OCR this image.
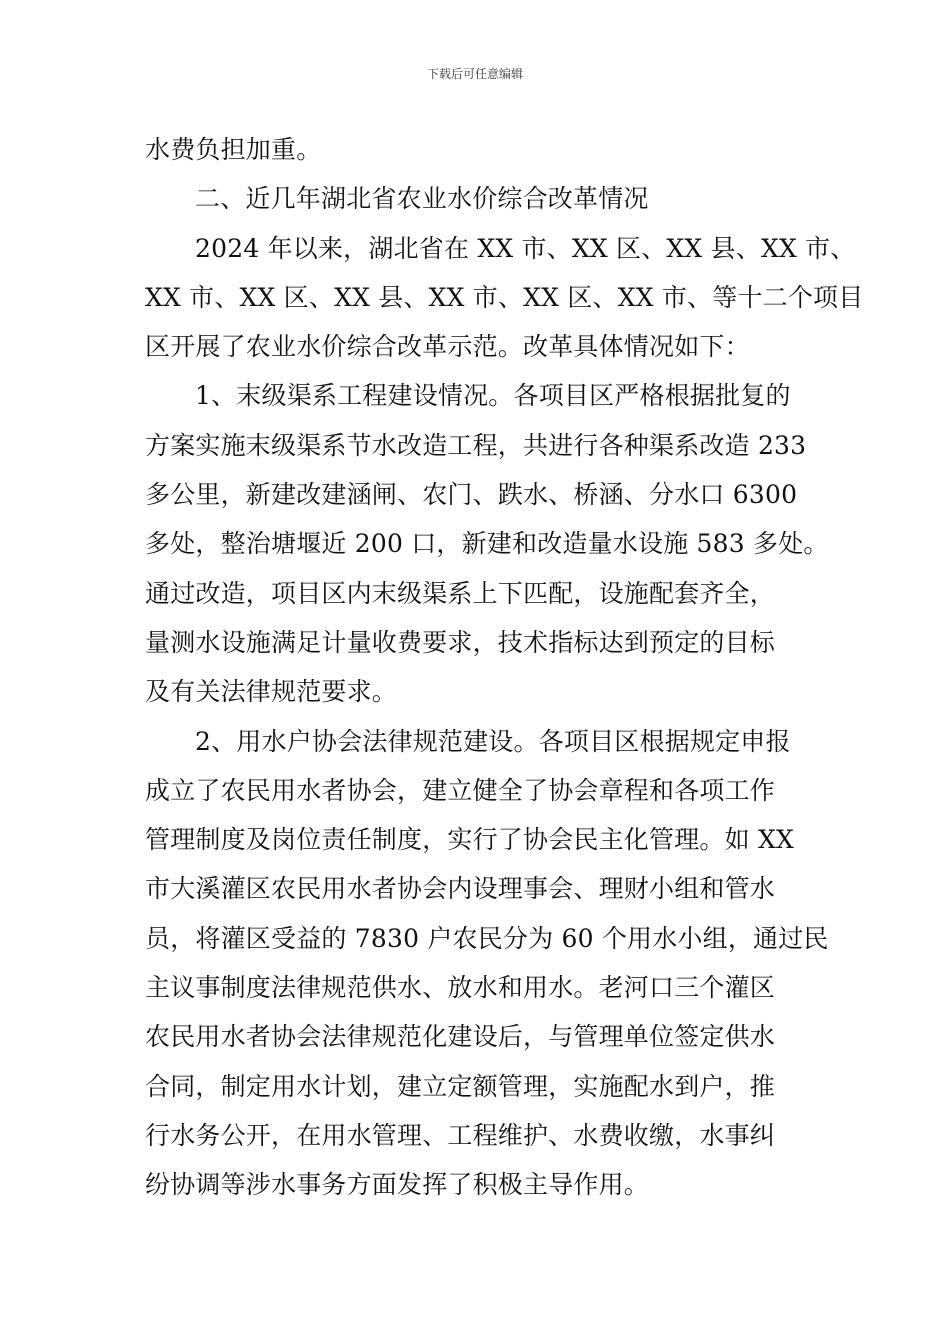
下载后可任意编辑
水费负担加重。
二、近几年湖北省农业水价综合改革情况
2024 年以来，湖北省在 XX 市、XX 区、XX 县、XX 市、
XX 市、XX 区、XX 县、XX 市、XX 区、XX 市、等十二个项目
区开展了农业水价综合改革示范。改革具体情况如下：
1、末级渠系工程建设情况。各项目区严格根据批复的
方案实施末级渠系节水改造工程，共进行各种渠系改造 233
多公里，新建改建涵闸、农门、跌水、桥涵、分水口 6300
多处，整治塘堰近 200 口，新建和改造量水设施 583 多处。
通过改造，项目区内末级渠系上下匹配，设施配套齐全，
量测水设施满足计量收费要求，技术指标达到预定的目标
及有关法律规范要求。
2、用水户协会法律规范建设。各项目区根据规定申报
成立了农民用水者协会，建立健全了协会章程和各项工作
管理制度及岗位责任制度，实行了协会民主化管理。如 XX
市大溪灌区农民用水者协会内设理事会、理财小组和管水
员，将灌区受益的 7830 户农民分为 60 个用水小组，通过民
主议事制度法律规范供水、放水和用水。老河口三个灌区
农民用水者协会法律规范化建设后，与管理单位签定供水
合同，制定用水计划，建立定额管理，实施配水到户，推
行水务公开，在用水管理、工程维护、水费收缴，水事纠
纷协调等涉水事务方面发挥了积极主导作用。
